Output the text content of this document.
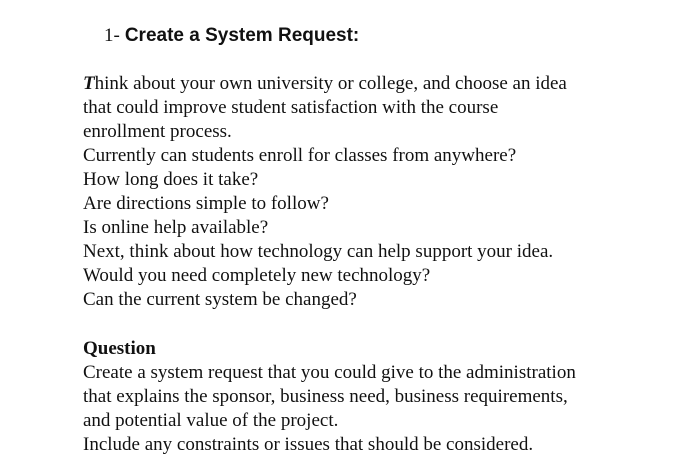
1- Create a System Request:
Think about your own university or college, and choose an idea
that could improve student satisfaction with the course
enrollment process.
Currently can students enroll for classes from anywhere?
How long does it take?
Are directions simple to follow?
Is online help available?
Next, think about how technology can help support your idea.
Would you need completely new technology?
Can the current system be changed?
Question
Create a system request that you could give to the administration
that explains the sponsor, business need, business requirements,
and potential value of the project.
Include any constraints or issues that should be considered.
